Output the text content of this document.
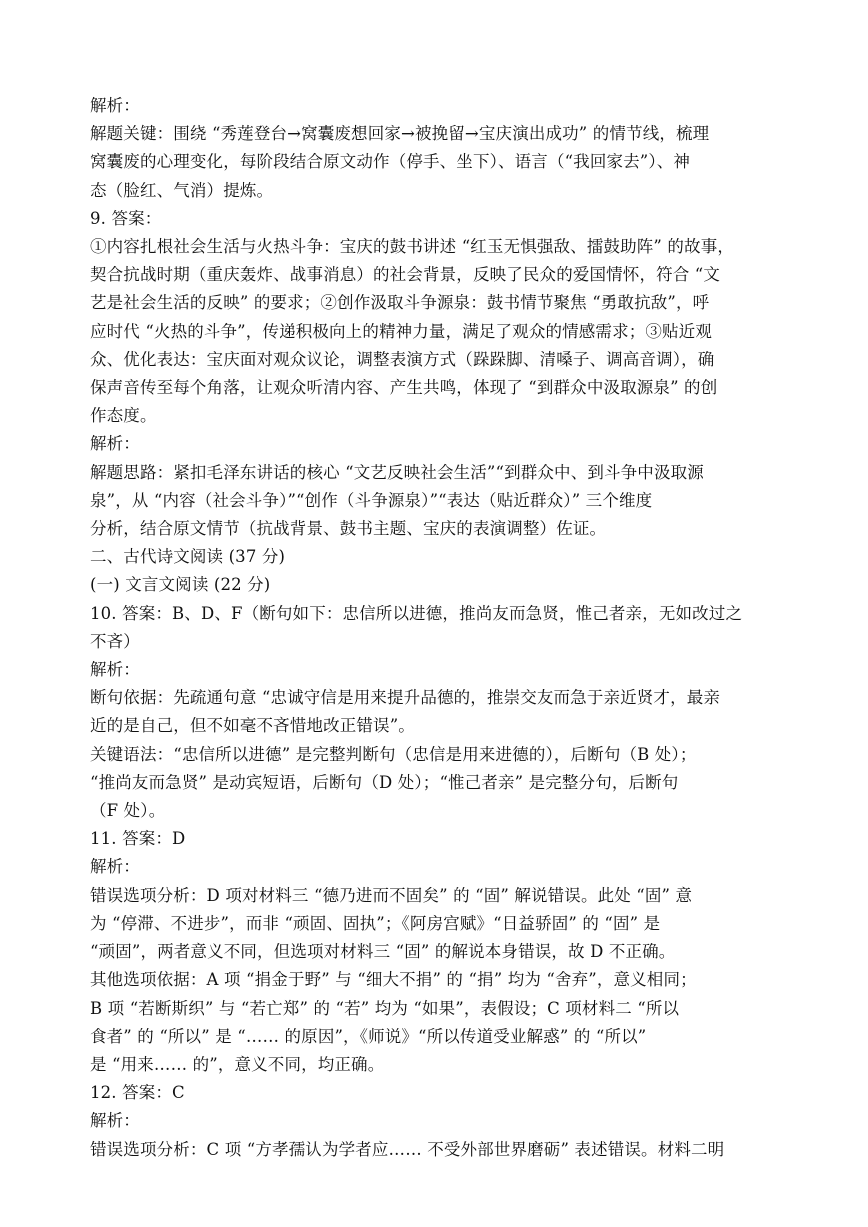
解析：
解题关键：围绕 “秀莲登台→窝囊废想回家→被挽留→宝庆演出成功” 的情节线，梳理
窝囊废的心理变化，每阶段结合原文动作（停手、坐下）、语言（“我回家去”）、神
态（脸红、气消）提炼。
9. 答案：
①内容扎根社会生活与火热斗争：宝庆的鼓书讲述 “红玉无惧强敌、擂鼓助阵” 的故事，
契合抗战时期（重庆轰炸、战事消息）的社会背景，反映了民众的爱国情怀，符合 “文
艺是社会生活的反映” 的要求；②创作汲取斗争源泉：鼓书情节聚焦 “勇敢抗敌”，呼
应时代 “火热的斗争”，传递积极向上的精神力量，满足了观众的情感需求；③贴近观
众、优化表达：宝庆面对观众议论，调整表演方式（跺跺脚、清嗓子、调高音调），确
保声音传至每个角落，让观众听清内容、产生共鸣，体现了 “到群众中汲取源泉” 的创
作态度。
解析：
解题思路：紧扣毛泽东讲话的核心 “文艺反映社会生活”“到群众中、到斗争中汲取源
泉”，从 “内容（社会斗争）”“创作（斗争源泉）”“表达（贴近群众）” 三个维度
分析，结合原文情节（抗战背景、鼓书主题、宝庆的表演调整）佐证。
二、古代诗文阅读 (37 分)
(一) 文言文阅读 (22 分)
10. 答案：B、D、F（断句如下：忠信所以进德，推尚友而急贤，惟己者亲，无如改过之
不吝）
解析：
断句依据：先疏通句意 “忠诚守信是用来提升品德的，推崇交友而急于亲近贤才，最亲
近的是自己，但不如毫不吝惜地改正错误”。
关键语法：“忠信所以进德” 是完整判断句（忠信是用来进德的），后断句（B 处）；
“推尚友而急贤” 是动宾短语，后断句（D 处）；“惟己者亲” 是完整分句，后断句
（F 处）。
11. 答案：D
解析：
错误选项分析：D 项对材料三 “德乃进而不固矣” 的 “固” 解说错误。此处 “固” 意
为 “停滞、不进步”，而非 “顽固、固执”；《阿房宫赋》“日益骄固” 的 “固” 是
“顽固”，两者意义不同，但选项对材料三 “固” 的解说本身错误，故 D 不正确。
其他选项依据：A 项 “捐金于野” 与 “细大不捐” 的 “捐” 均为 “舍弃”，意义相同；
B 项 “若断斯织” 与 “若亡郑” 的 “若” 均为 “如果”，表假设；C 项材料二 “所以
食者” 的 “所以” 是 “…… 的原因”，《师说》“所以传道受业解惑” 的 “所以”
是 “用来…… 的”，意义不同，均正确。
12. 答案：C
解析：
错误选项分析：C 项 “方孝孺认为学者应…… 不受外部世界磨砺” 表述错误。材料二明
